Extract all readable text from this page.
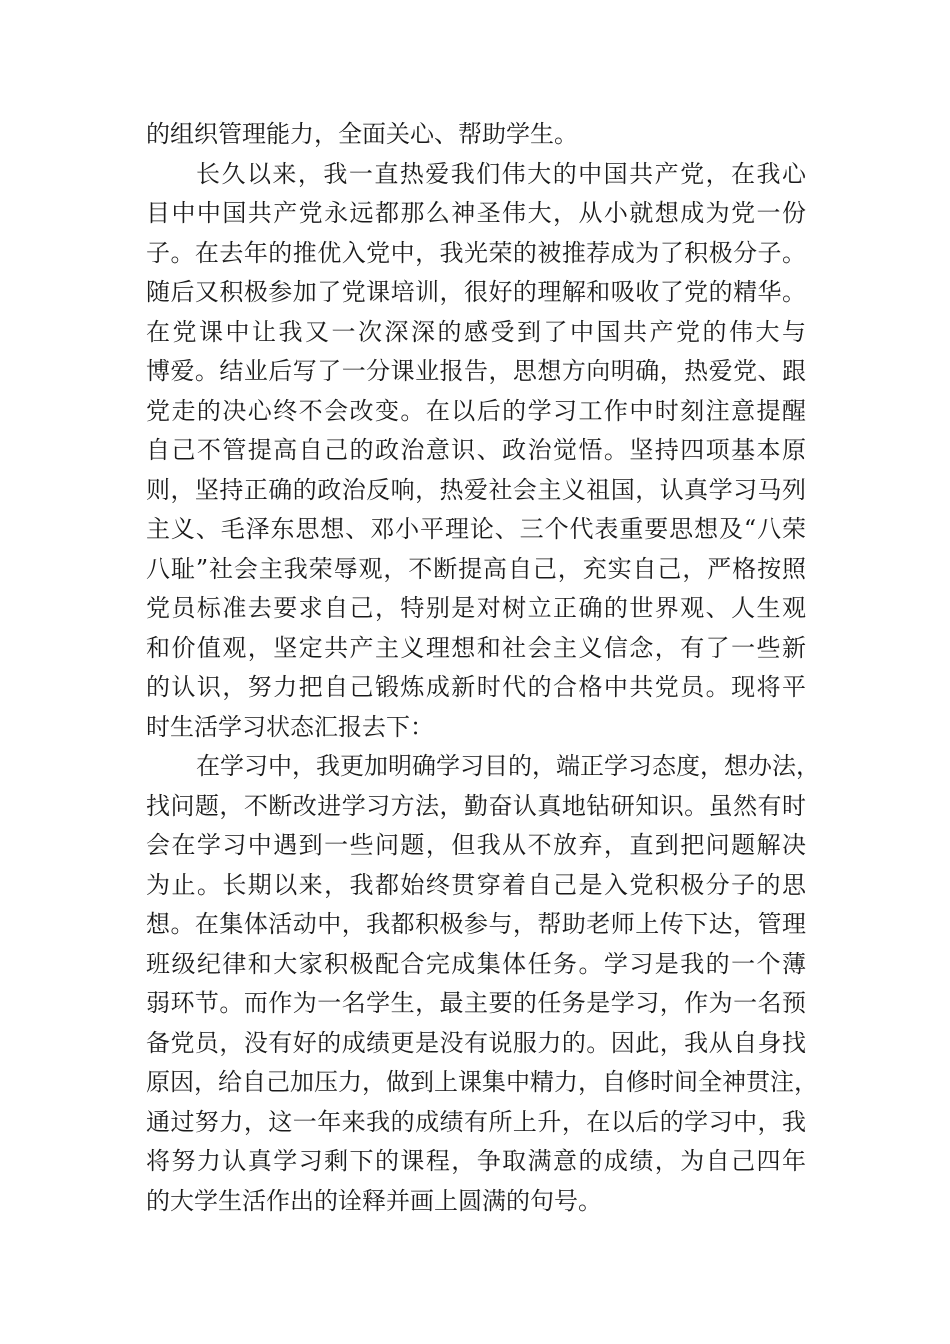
的组织管理能力，全面关心、帮助学生。
长久以来，我一直热爱我们伟大的中国共产党，在我心
目中中国共产党永远都那么神圣伟大，从小就想成为党一份
子。在去年的推优入党中，我光荣的被推荐成为了积极分子。
随后又积极参加了党课培训，很好的理解和吸收了党的精华。
在党课中让我又一次深深的感受到了中国共产党的伟大与
博爱。结业后写了一分课业报告，思想方向明确，热爱党、跟
党走的决心终不会改变。在以后的学习工作中时刻注意提醒
自己不管提高自己的政治意识、政治觉悟。坚持四项基本原
则，坚持正确的政治反响，热爱社会主义祖国，认真学习马列
主义、毛泽东思想、邓小平理论、三个代表重要思想及“八荣
八耻”社会主我荣辱观，不断提高自己，充实自己，严格按照
党员标准去要求自己，特别是对树立正确的世界观、人生观
和价值观，坚定共产主义理想和社会主义信念，有了一些新
的认识，努力把自己锻炼成新时代的合格中共党员。现将平
时生活学习状态汇报去下：
在学习中，我更加明确学习目的，端正学习态度，想办法，
找问题，不断改进学习方法，勤奋认真地钻研知识。虽然有时
会在学习中遇到一些问题，但我从不放弃，直到把问题解决
为止。长期以来，我都始终贯穿着自己是入党积极分子的思
想。在集体活动中，我都积极参与，帮助老师上传下达，管理
班级纪律和大家积极配合完成集体任务。学习是我的一个薄
弱环节。而作为一名学生，最主要的任务是学习，作为一名预
备党员，没有好的成绩更是没有说服力的。因此，我从自身找
原因，给自己加压力，做到上课集中精力，自修时间全神贯注，
通过努力，这一年来我的成绩有所上升，在以后的学习中，我
将努力认真学习剩下的课程，争取满意的成绩，为自己四年
的大学生活作出的诠释并画上圆满的句号。
